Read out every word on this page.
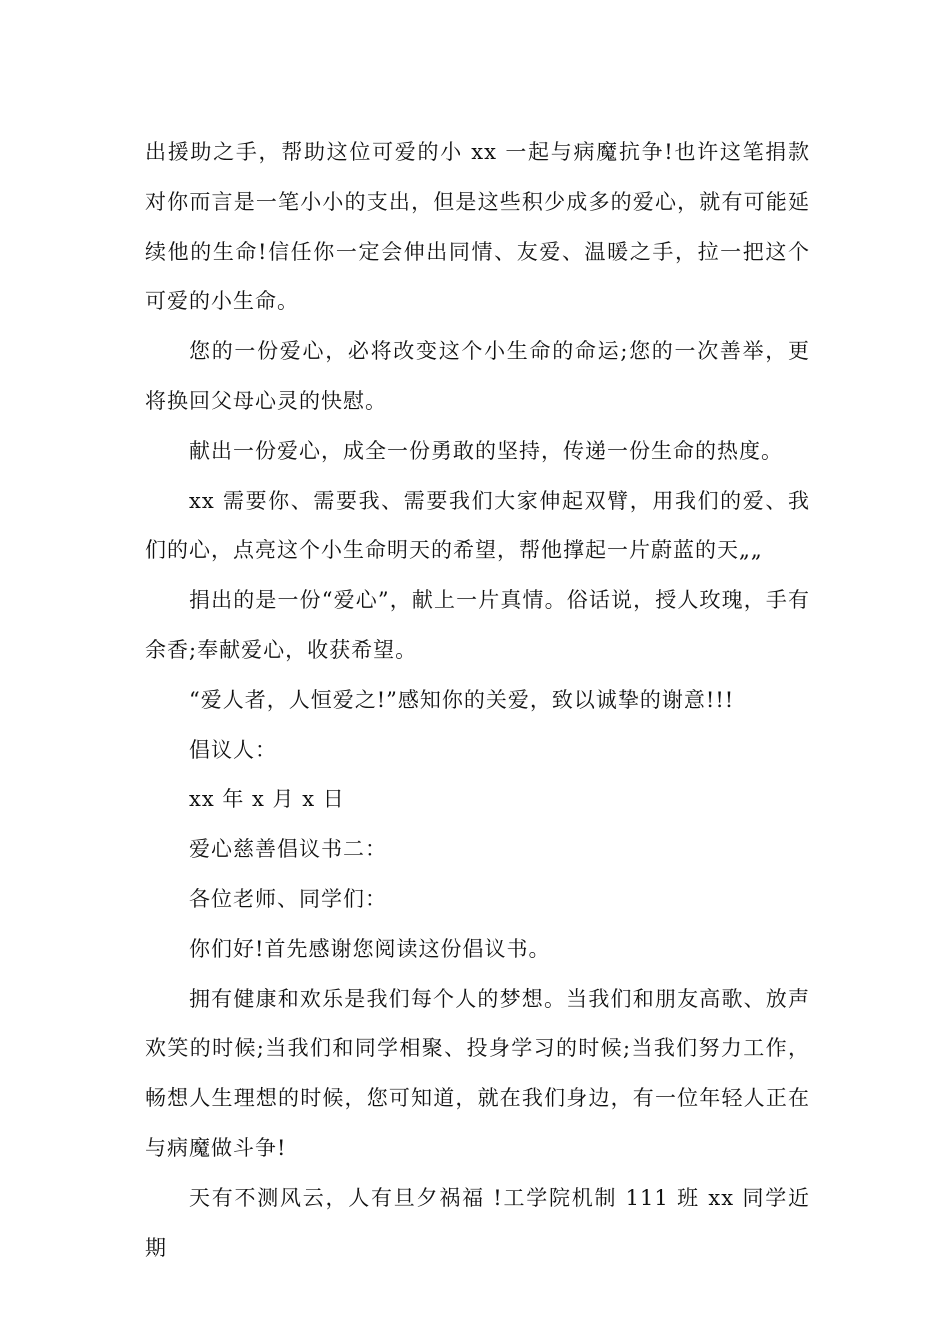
出援助之手，帮助这位可爱的小 xx 一起与病魔抗争!也许这笔捐款对你而言是一笔小小的支出，但是这些积少成多的爱心，就有可能延续他的生命!信任你一定会伸出同情、友爱、温暖之手，拉一把这个可爱的小生命。

您的一份爱心，必将改变这个小生命的命运;您的一次善举，更将换回父母心灵的快慰。

献出一份爱心，成全一份勇敢的坚持，传递一份生命的热度。

xx 需要你、需要我、需要我们大家伸起双臂，用我们的爱、我们的心，点亮这个小生命明天的希望，帮他撑起一片蔚蓝的天„„

捐出的是一份“爱心”，献上一片真情。俗话说，授人玫瑰，手有余香;奉献爱心，收获希望。

“爱人者，人恒爱之!”感知你的关爱，致以诚挚的谢意!!!

倡议人：

xx 年 x 月 x 日

爱心慈善倡议书二：

各位老师、同学们：

你们好!首先感谢您阅读这份倡议书。

拥有健康和欢乐是我们每个人的梦想。当我们和朋友高歌、放声欢笑的时候;当我们和同学相聚、投身学习的时候;当我们努力工作，畅想人生理想的时候，您可知道，就在我们身边，有一位年轻人正在与病魔做斗争!

天有不测风云，人有旦夕祸福 !工学院机制 111 班 xx 同学近期
